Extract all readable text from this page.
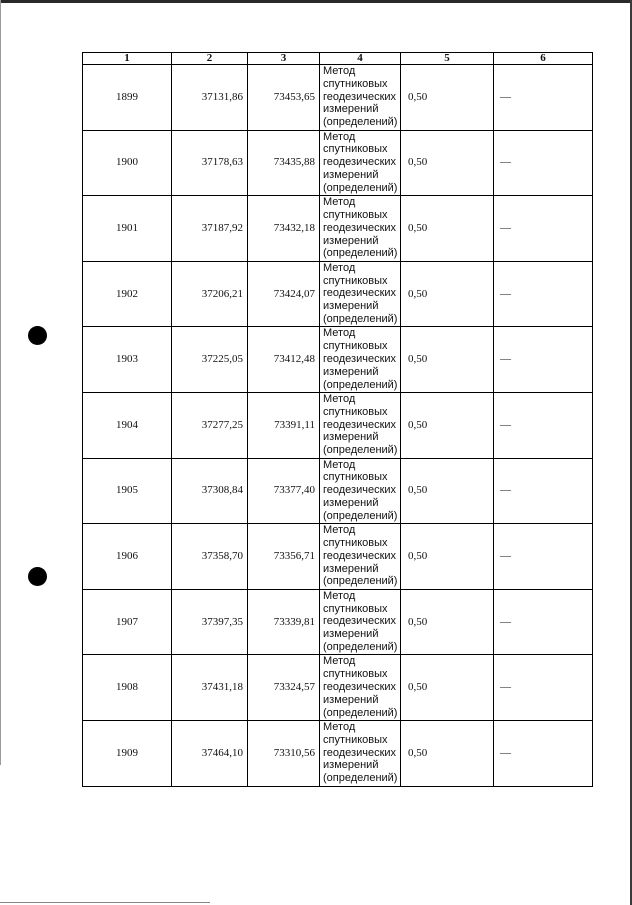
1	2	3	4	5	6
1899	37131,86	73453,65	Метод
спутниковых
геодезических
измерений
(определений)	0,50	—
1900	37178,63	73435,88	Метод
спутниковых
геодезических
измерений
(определений)	0,50	—
1901	37187,92	73432,18	Метод
спутниковых
геодезических
измерений
(определений)	0,50	—
1902	37206,21	73424,07	Метод
спутниковых
геодезических
измерений
(определений)	0,50	—
1903	37225,05	73412,48	Метод
спутниковых
геодезических
измерений
(определений)	0,50	—
1904	37277,25	73391,11	Метод
спутниковых
геодезических
измерений
(определений)	0,50	—
1905	37308,84	73377,40	Метод
спутниковых
геодезических
измерений
(определений)	0,50	—
1906	37358,70	73356,71	Метод
спутниковых
геодезических
измерений
(определений)	0,50	—
1907	37397,35	73339,81	Метод
спутниковых
геодезических
измерений
(определений)	0,50	—
1908	37431,18	73324,57	Метод
спутниковых
геодезических
измерений
(определений)	0,50	—
1909	37464,10	73310,56	Метод
спутниковых
геодезических
измерений
(определений)	0,50	—
